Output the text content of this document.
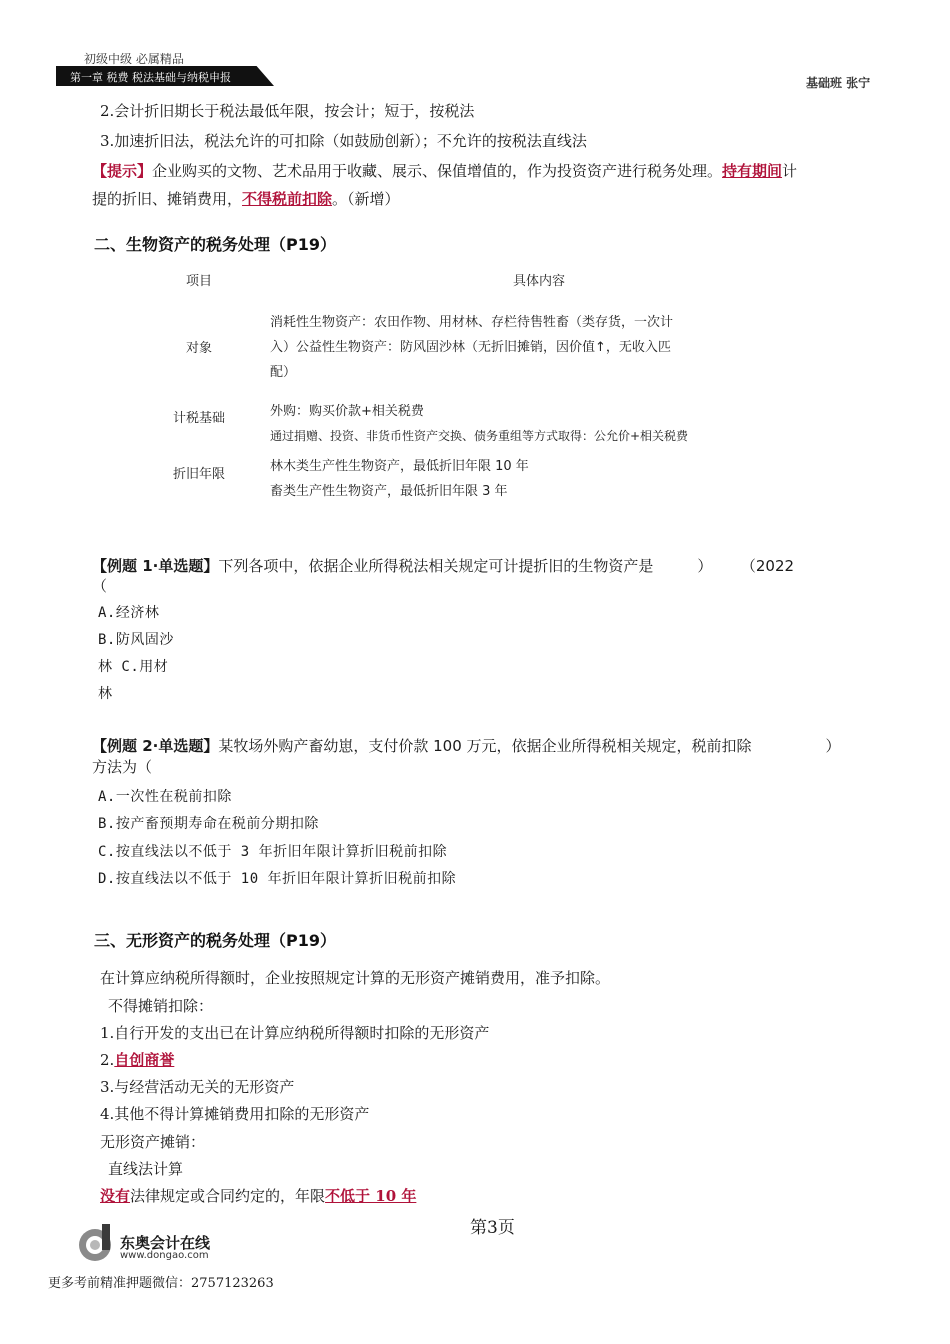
初级中级 必属精品
第一章 税费 税法基础与纳税申报	基础班 张宁
2.会计折旧期长于税法最低年限，按会计；短于，按税法
3.加速折旧法，税法允许的可扣除（如鼓励创新）；不允许的按税法直线法
【提示】企业购买的文物、艺术品用于收藏、展示、保值增值的，作为投资资产进行税务处理。持有期间计
提的折旧、摊销费用，不得税前扣除。（新增）
二、生物资产的税务处理（P19）
项目	具体内容

对象	消耗性生物资产：农田作物、用材林、存栏待售牲畜（类存货，一次计
入）公益性生物资产：防风固沙林（无折旧摊销，因价值↑，无收入匹
配）

计税基础	外购：购买价款+相关税费
通过捐赠、投资、非货币性资产交换、债务重组等方式取得：公允价+相关税费

折旧年限	林木类生产性生物资产，最低折旧年限 10 年
畜类生产性生物资产，最低折旧年限 3 年
【例题 1·单选题】下列各项中，依据企业所得税法相关规定可计提折旧的生物资产是	） （2022
（
A.经济林
B.防风固沙
林 C.用材
林
【例题 2·单选题】某牧场外购产畜幼崽，支付价款 100 万元，依据企业所得税相关规定，税前扣除	）
方法为（
A.一次性在税前扣除
B.按产畜预期寿命在税前分期扣除
C.按直线法以不低于 3 年折旧年限计算折旧税前扣除
D.按直线法以不低于 10 年折旧年限计算折旧税前扣除
三、无形资产的税务处理（P19）
在计算应纳税所得额时，企业按照规定计算的无形资产摊销费用，准予扣除。
不得摊销扣除：
1.自行开发的支出已在计算应纳税所得额时扣除的无形资产
2.自创商誉
3.与经营活动无关的无形资产
4.其他不得计算摊销费用扣除的无形资产
无形资产摊销：
直线法计算
没有法律规定或合同约定的，年限不低于 10 年
第3页
东奥会计在线
www.dongao.com
更多考前精准押题微信：2757123263
